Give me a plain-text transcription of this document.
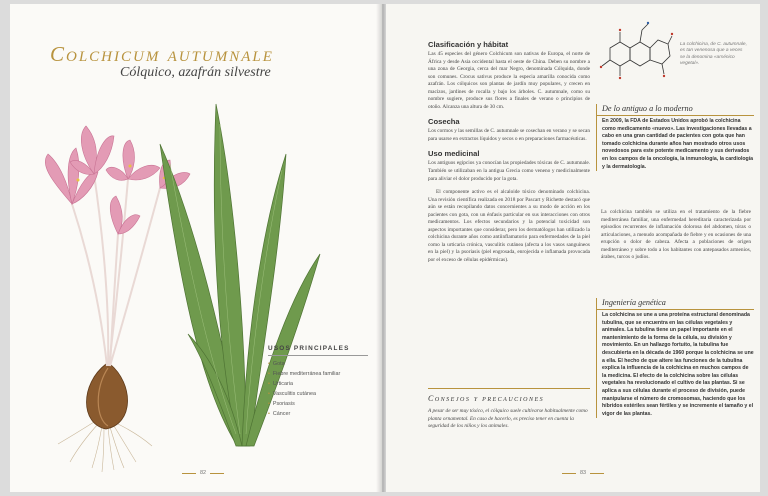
Colchicum autumnale
Cólquico, azafrán silvestre
USOS PRINCIPALES
• Gota
• Fiebre mediterránea familiar
• Urticaria
• Vasculitis cutánea
• Psoriasis
• Cáncer
82
Clasificación y hábitat

Las 45 especies del género Colchicum son nativas de Europa, el norte de África y desde Asia occidental hasta el oeste de China. Deben su nombre a una zona de Georgia, cerca del mar Negro, denominada Cólquida, donde son comunes. Crocus sativus produce la especia amarilla conocida como azafrán. Los cólquicos son plantas de jardín muy populares, y crecen en macizos, jardines de rocalla y bajo los árboles. C. autumnale, como su nombre sugiere, produce sus flores a finales de verano o principios de otoño. Alcanza una altura de 30 cm.

Cosecha

Los cormos y las semillas de C. autumnale se cosechan en verano y se secan para usarse en extractos líquidos y secos o en preparaciones farmacéuticas.

Uso medicinal

Los antiguos egipcios ya conocían las propiedades tóxicas de C. autumnale. También se utilizaban en la antigua Grecia como veneno y medicinalmente para aliviar el dolor producido por la gota.

El componente activo es el alcaloide tóxico denominado colchicina. Una revisión científica realizada en 2018 por Pascart y Richette destacó que aún se están recopilando datos concernientes a su modo de acción en los pacientes con gota, con un énfasis particular en sus interacciones con otros medicamentos. Los efectos secundarios y la potencial toxicidad son aspectos importantes que considerar, pero los dermatólogos han utilizado la colchicina durante años como antiinflamatorio para enfermedades de la piel como la urticaria crónica, vasculitis cutánea (afecta a los vasos sanguíneos en la piel) y la psoriasis (piel engrosada, enrojecida e inflamada provocada por el exceso de células epidérmicas).

La colchicina, de C. autumnale, es tan venenosa que a veces se la denomina «arsénico vegetal».
De lo antiguo a lo moderno
En 2009, la FDA de Estados Unidos aprobó la colchicina como medicamento «nuevo». Las investigaciones llevadas a cabo en una gran cantidad de pacientes con gota que han tomado colchicina durante años han mostrado otros usos novedosos para este potente medicamento y sus derivados en los campos de la oncología, la inmunología, la cardiología y la dermatología.

La colchicina también se utiliza en el tratamiento de la fiebre mediterránea familiar, una enfermedad hereditaria caracterizada por episodios recurrentes de inflamación dolorosa del abdomen, tórax o articulaciones, a menudo acompañada de fiebre y en ocasiones de una erupción o dolor de cabeza. Afecta a poblaciones de origen mediterráneo y sobre todo a los habitantes con antepasados armenios, árabes, turcos o judíos.

Ingeniería genética
La colchicina se une a una proteína estructural denominada tubulina, que se encuentra en las células vegetales y animales. La tubulina tiene un papel importante en el mantenimiento de la forma de la célula, su división y movimiento. En un hallazgo fortuito, la tubulina fue descubierta en la década de 1960 porque la colchicina se une a ella. El hecho de que altere las funciones de la tubulina explica la influencia de la colchicina en muchos campos de la medicina. El efecto de la colchicina sobre las células vegetales ha revolucionado el cultivo de las plantas. Si se aplica a sus células durante el proceso de división, puede manipularse el número de cromosomas, haciendo que los híbridos estériles sean fértiles y se incremente el tamaño y el vigor de las plantas.
Consejos y precauciones
A pesar de ser muy tóxico, el cólquico suele cultivarse habitualmente como planta ornamental. En caso de hacerlo, es preciso tener en cuenta la seguridad de los niños y los animales.
83
